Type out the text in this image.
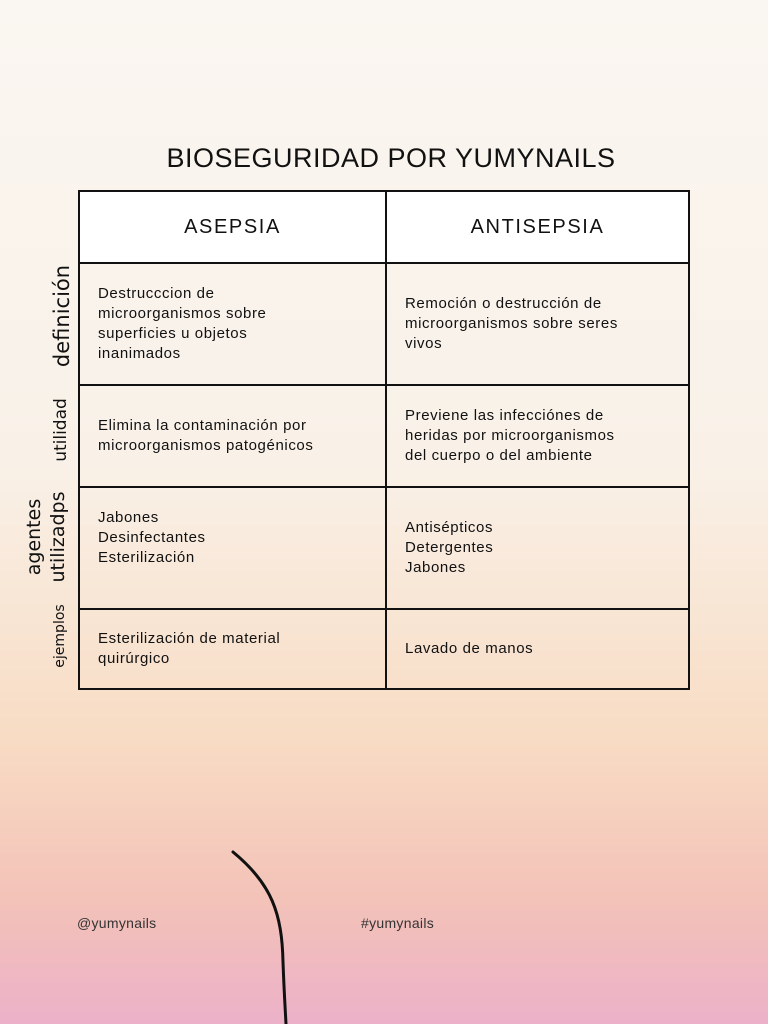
BIOSEGURIDAD POR YUMYNAILS
ASEPSIA	ANTISEPSIA
Destrucccion de
microorganismos sobre
superficies u objetos
inanimados
Remoción o destrucción de
microorganismos sobre seres
vivos
Elimina la contaminación por
microorganismos patogénicos
Previene las infecciónes de
heridas por microorganismos
del cuerpo o del ambiente
Jabones
Desinfectantes
Esterilización
Antisépticos
Detergentes
Jabones
Esterilización de material
quirúrgico
Lavado de manos
definición
utilidad
agentes
utilizadps
ejemplos
@yumynails	#yumynails
